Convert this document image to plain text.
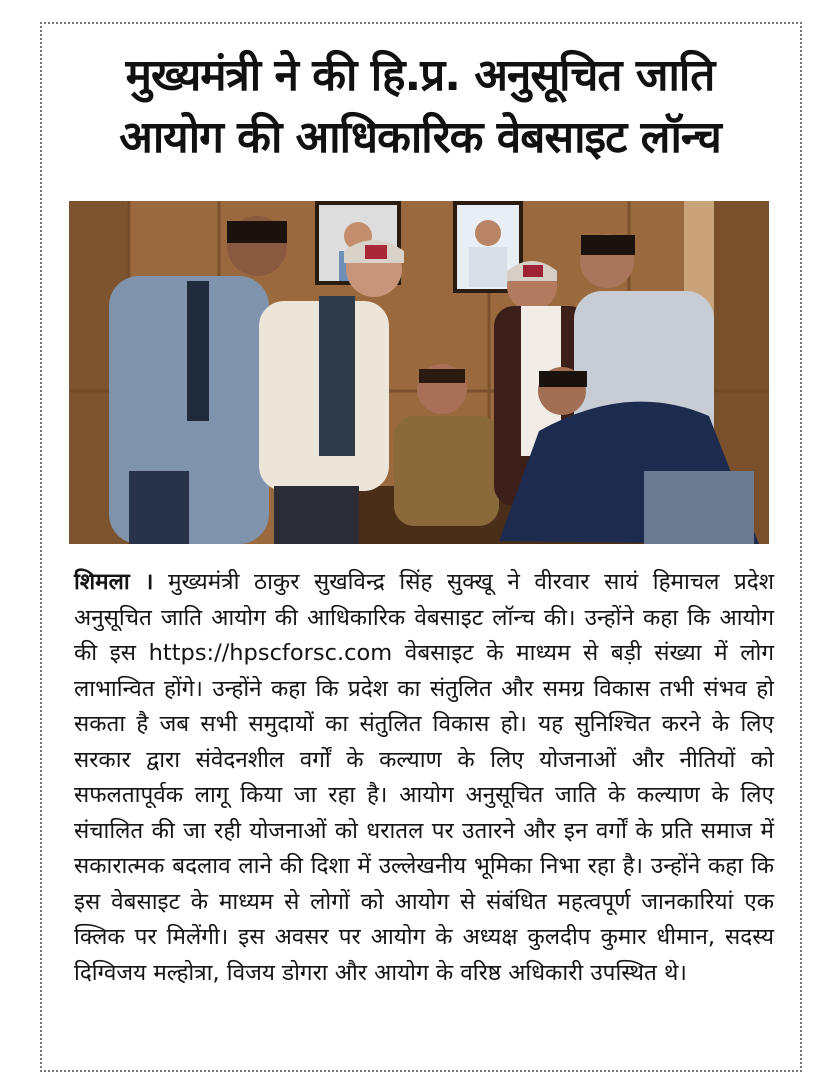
मुख्यमंत्री ने की हि.प्र. अनुसूचित जाति
आयोग की आधिकारिक वेबसाइट लॉन्च

शिमला । मुख्यमंत्री ठाकुर सुखविन्द्र सिंह सुक्खू ने वीरवार सायं हिमाचल प्रदेश अनुसूचित जाति आयोग की आधिकारिक वेबसाइट लॉन्च की। उन्होंने कहा कि आयोग की इस https://hpscforsc.com वेबसाइट के माध्यम से बड़ी संख्या में लोग लाभान्वित होंगे। उन्होंने कहा कि प्रदेश का संतुलित और समग्र विकास तभी संभव हो सकता है जब सभी समुदायों का संतुलित विकास हो। यह सुनिश्चित करने के लिए सरकार द्वारा संवेदनशील वर्गों के कल्याण के लिए योजनाओं और नीतियों को सफलतापूर्वक लागू किया जा रहा है। आयोग अनुसूचित जाति के कल्याण के लिए संचालित की जा रही योजनाओं को धरातल पर उतारने और इन वर्गों के प्रति समाज में सकारात्मक बदलाव लाने की दिशा में उल्लेखनीय भूमिका निभा रहा है। उन्होंने कहा कि इस वेबसाइट के माध्यम से लोगों को आयोग से संबंधित महत्वपूर्ण जानकारियां एक क्लिक पर मिलेंगी। इस अवसर पर आयोग के अध्यक्ष कुलदीप कुमार धीमान, सदस्य दिग्विजय मल्होत्रा, विजय डोगरा और आयोग के वरिष्ठ अधिकारी उपस्थित थे।
